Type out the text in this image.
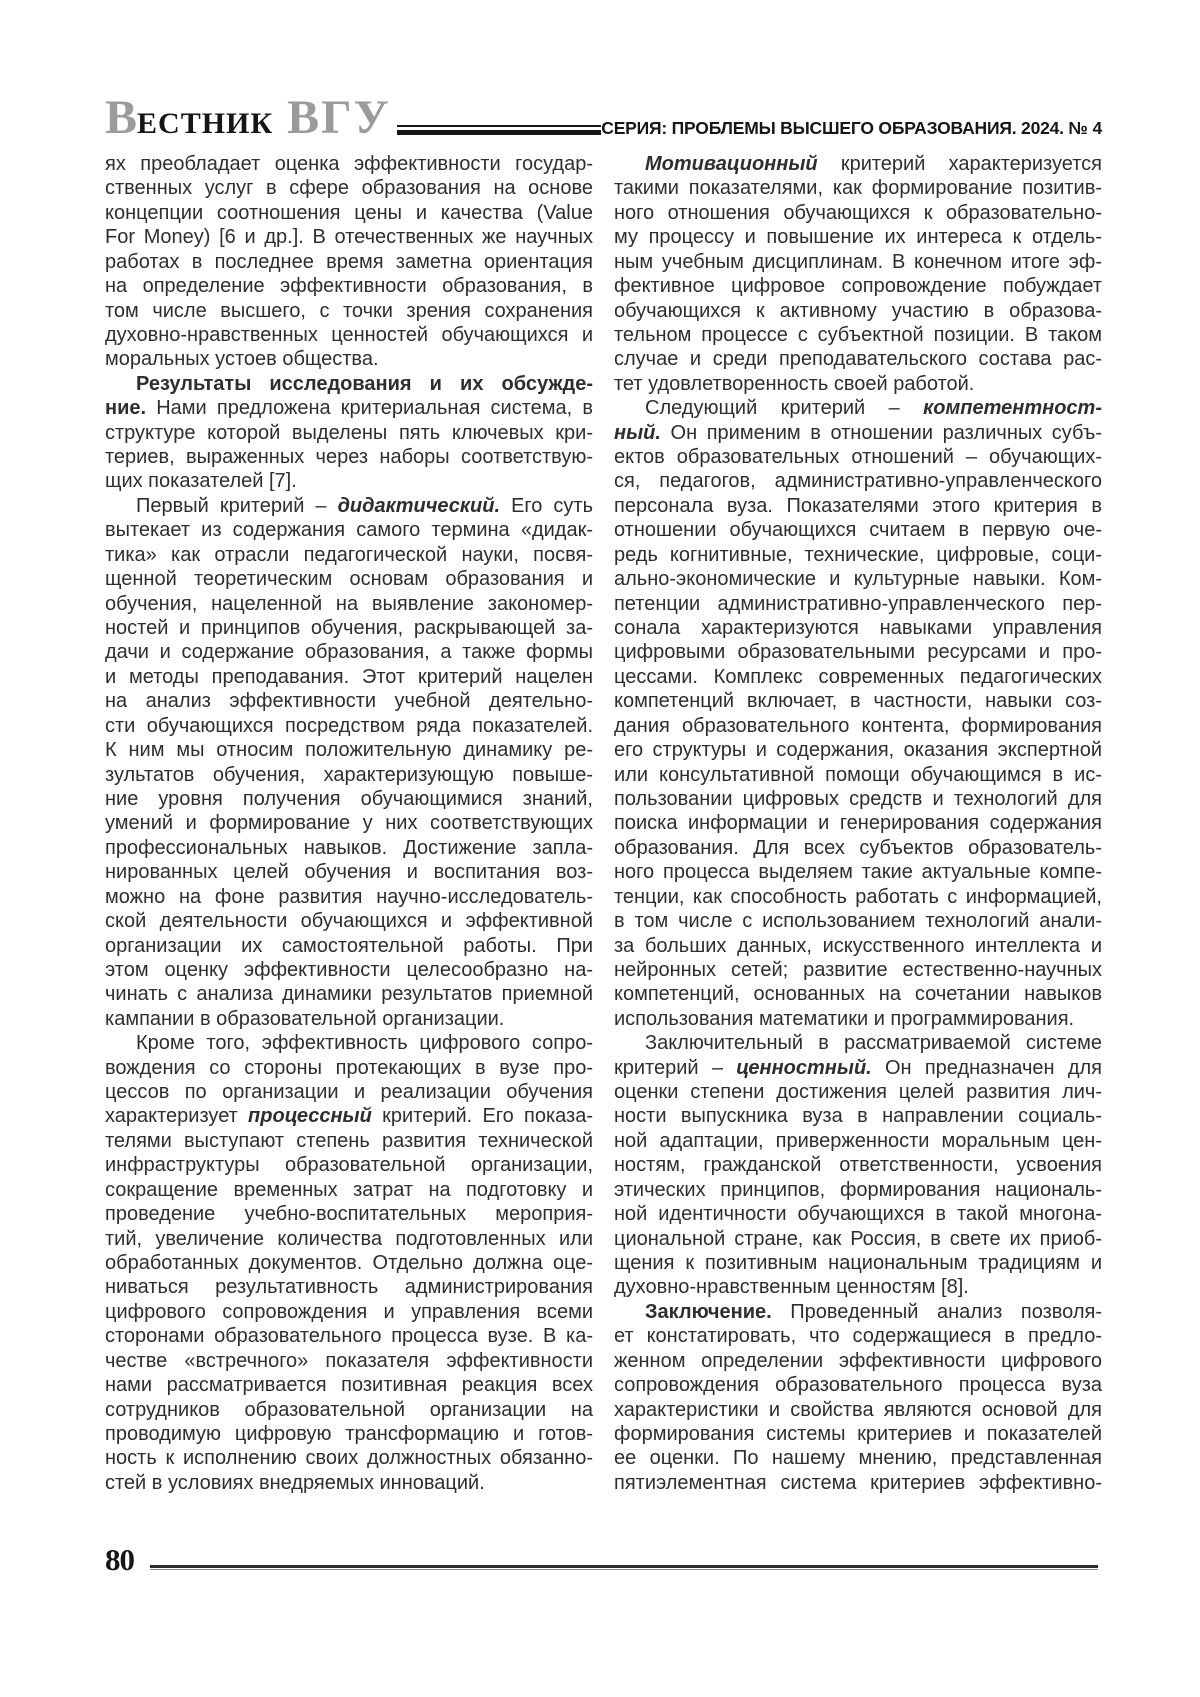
ВЕСТНИК ВГУ	СЕРИЯ: ПРОБЛЕМЫ ВЫСШЕГО ОБРАЗОВАНИЯ. 2024. № 4
ях преобладает оценка эффективности государ-
ственных услуг в сфере образования на основе
концепции соотношения цены и качества (Value
For Money) [6 и др.]. В отечественных же научных
работах в последнее время заметна ориентация
на определение эффективности образования, в
том числе высшего, с точки зрения сохранения
духовно-нравственных ценностей обучающихся и
моральных устоев общества.
Результаты исследования и их обсужде-
ние. Нами предложена критериальная система, в
структуре которой выделены пять ключевых кри-
териев, выраженных через наборы соответствую-
щих показателей [7].
Первый критерий – дидактический. Его суть
вытекает из содержания самого термина «дидак-
тика» как отрасли педагогической науки, посвя-
щенной теоретическим основам образования и
обучения, нацеленной на выявление закономер-
ностей и принципов обучения, раскрывающей за-
дачи и содержание образования, а также формы
и методы преподавания. Этот критерий нацелен
на анализ эффективности учебной деятельно-
сти обучающихся посредством ряда показателей.
К ним мы относим положительную динамику ре-
зультатов обучения, характеризующую повыше-
ние уровня получения обучающимися знаний,
умений и формирование у них соответствующих
профессиональных навыков. Достижение запла-
нированных целей обучения и воспитания воз-
можно на фоне развития научно-исследователь-
ской деятельности обучающихся и эффективной
организации их самостоятельной работы. При
этом оценку эффективности целесообразно на-
чинать с анализа динамики результатов приемной
кампании в образовательной организации.
Кроме того, эффективность цифрового сопро-
вождения со стороны протекающих в вузе про-
цессов по организации и реализации обучения
характеризует процессный критерий. Его показа-
телями выступают степень развития технической
инфраструктуры образовательной организации,
сокращение временных затрат на подготовку и
проведение учебно-воспитательных мероприя-
тий, увеличение количества подготовленных или
обработанных документов. Отдельно должна оце-
ниваться результативность администрирования
цифрового сопровождения и управления всеми
сторонами образовательного процесса вузе. В ка-
честве «встречного» показателя эффективности
нами рассматривается позитивная реакция всех
сотрудников образовательной организации на
проводимую цифровую трансформацию и готов-
ность к исполнению своих должностных обязанно-
стей в условиях внедряемых инноваций.
Мотивационный критерий характеризуется
такими показателями, как формирование позитив-
ного отношения обучающихся к образовательно-
му процессу и повышение их интереса к отдель-
ным учебным дисциплинам. В конечном итоге эф-
фективное цифровое сопровождение побуждает
обучающихся к активному участию в образова-
тельном процессе с субъектной позиции. В таком
случае и среди преподавательского состава рас-
тет удовлетворенность своей работой.
Следующий критерий – компетентност-
ный. Он применим в отношении различных субъ-
ектов образовательных отношений – обучающих-
ся, педагогов, административно-управленческого
персонала вуза. Показателями этого критерия в
отношении обучающихся считаем в первую оче-
редь когнитивные, технические, цифровые, соци-
ально-экономические и культурные навыки. Ком-
петенции административно-управленческого пер-
сонала характеризуются навыками управления
цифровыми образовательными ресурсами и про-
цессами. Комплекс современных педагогических
компетенций включает, в частности, навыки соз-
дания образовательного контента, формирования
его структуры и содержания, оказания экспертной
или консультативной помощи обучающимся в ис-
пользовании цифровых средств и технологий для
поиска информации и генерирования содержания
образования. Для всех субъектов образователь-
ного процесса выделяем такие актуальные компе-
тенции, как способность работать с информацией,
в том числе с использованием технологий анали-
за больших данных, искусственного интеллекта и
нейронных сетей; развитие естественно-научных
компетенций, основанных на сочетании навыков
использования математики и программирования.
Заключительный в рассматриваемой системе
критерий – ценностный. Он предназначен для
оценки степени достижения целей развития лич-
ности выпускника вуза в направлении социаль-
ной адаптации, приверженности моральным цен-
ностям, гражданской ответственности, усвоения
этических принципов, формирования националь-
ной идентичности обучающихся в такой многона-
циональной стране, как Россия, в свете их приоб-
щения к позитивным национальным традициям и
духовно-нравственным ценностям [8].
Заключение. Проведенный анализ позволя-
ет констатировать, что содержащиеся в предло-
женном определении эффективности цифрового
сопровождения образовательного процесса вуза
характеристики и свойства являются основой для
формирования системы критериев и показателей
ее оценки. По нашему мнению, представленная
пятиэлементная система критериев эффективно-
80
